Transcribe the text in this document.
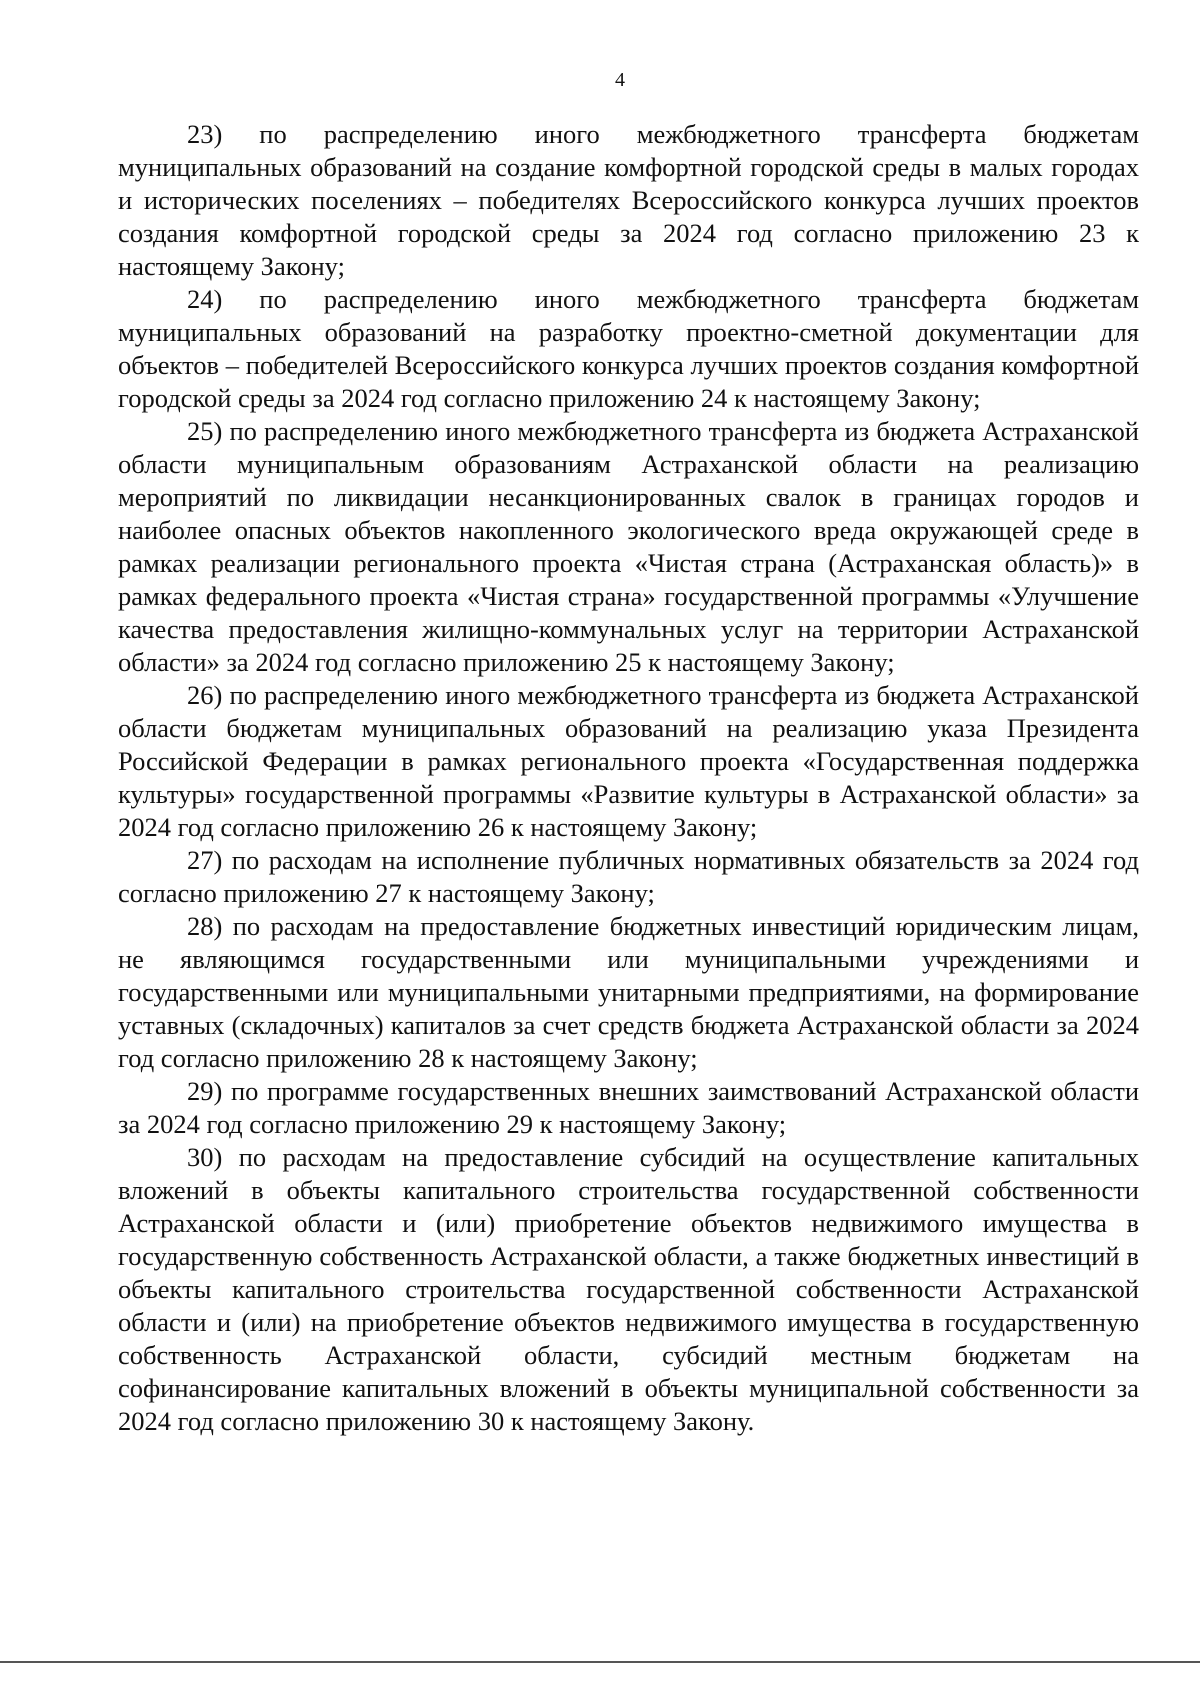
4

23) по распределению иного межбюджетного трансферта бюджетам муниципальных образований на создание комфортной городской среды в малых городах и исторических поселениях – победителях Всероссийского конкурса лучших проектов создания комфортной городской среды за 2024 год согласно приложению 23 к настоящему Закону;

24) по распределению иного межбюджетного трансферта бюджетам муниципальных образований на разработку проектно-сметной документации для объектов – победителей Всероссийского конкурса лучших проектов создания комфортной городской среды за 2024 год согласно приложению 24 к настоящему Закону;

25) по распределению иного межбюджетного трансферта из бюджета Астраханской области муниципальным образованиям Астраханской области на реализацию мероприятий по ликвидации несанкционированных свалок в границах городов и наиболее опасных объектов накопленного экологического вреда окружающей среде в рамках реализации регионального проекта «Чистая страна (Астраханская область)» в рамках федерального проекта «Чистая страна» государственной программы «Улучшение качества предоставления жилищно-коммунальных услуг на территории Астраханской области» за 2024 год согласно приложению 25 к настоящему Закону;

26) по распределению иного межбюджетного трансферта из бюджета Астраханской области бюджетам муниципальных образований на реализацию указа Президента Российской Федерации в рамках регионального проекта «Государственная поддержка культуры» государственной программы «Развитие культуры в Астраханской области» за 2024 год согласно приложению 26 к настоящему Закону;

27) по расходам на исполнение публичных нормативных обязательств за 2024 год согласно приложению 27 к настоящему Закону;

28) по расходам на предоставление бюджетных инвестиций юридическим лицам, не являющимся государственными или муниципальными учреждениями и государственными или муниципальными унитарными предприятиями, на формирование уставных (складочных) капиталов за счет средств бюджета Астраханской области за 2024 год согласно приложению 28 к настоящему Закону;

29) по программе государственных внешних заимствований Астраханской области за 2024 год согласно приложению 29 к настоящему Закону;

30) по расходам на предоставление субсидий на осуществление капитальных вложений в объекты капитального строительства государственной собственности Астраханской области и (или) приобретение объектов недвижимого имущества в государственную собственность Астраханской области, а также бюджетных инвестиций в объекты капитального строительства государственной собственности Астраханской области и (или) на приобретение объектов недвижимого имущества в государственную собственность Астраханской области, субсидий местным бюджетам на софинансирование капитальных вложений в объекты муниципальной собственности за 2024 год согласно приложению 30 к настоящему Закону.
